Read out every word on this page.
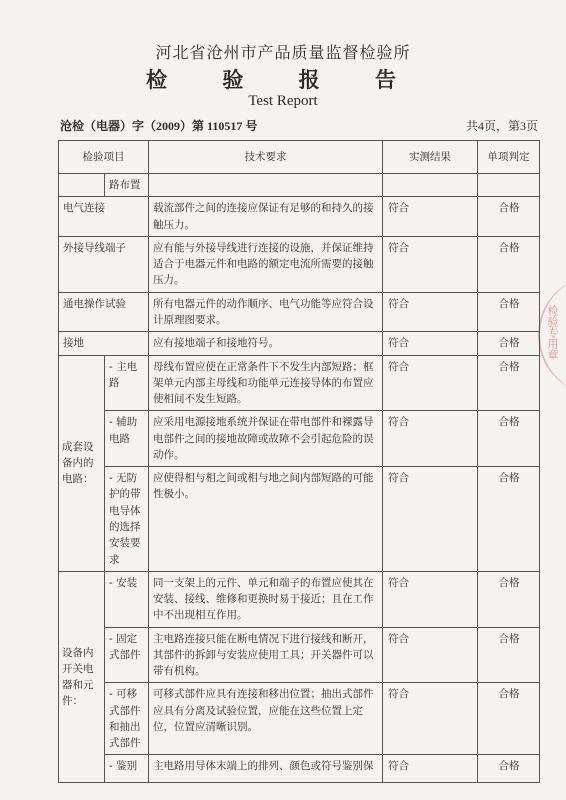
河北省沧州市产品质量监督检验所
检 验 报 告
Test Report
沧检（电器）字（2009）第 110517 号	共4页，第3页
检验专用章
检验项目		技术要求	实测结果	单项判定
	路布置			
电气连接		载流部件之间的连接应保证有足够的和持久的接触压力。	符合	合格
外接导线端子		应有能与外接导线进行连接的设施，并保证维持适合于电器元件和电路的额定电流所需要的接触压力。	符合	合格
通电操作试验		所有电器元件的动作顺序、电气功能等应符合设计原理图要求。	符合	合格
接地		应有接地端子和接地符号。	符合	合格
成套设备内的电路：	- 主电路	母线布置应使在正常条件下不发生内部短路；框架单元内部主母线和功能单元连接导体的布置应使相间不发生短路。	符合	合格
	- 辅助电路	应采用电源接地系统并保证在带电部件和裸露导电部件之间的接地故障或故障不会引起危险的误动作。	符合	合格
	- 无防护的带电导体的选择安装要求	应使得相与相之间或相与地之间内部短路的可能性极小。	符合	合格
设备内开关电器和元件：	- 安装	同一支架上的元件、单元和端子的布置应使其在安装、接线、维修和更换时易于接近；且在工作中不出现相互作用。	符合	合格
	- 固定式部件	主电路连接只能在断电情况下进行接线和断开，其部件的拆卸与安装应使用工具；开关器件可以带有机构。	符合	合格
	- 可移式部件和抽出式部件	可移式部件应具有连接和移出位置；抽出式部件应具有分离及试验位置，应能在这些位置上定位，位置应清晰识别。	符合	合格
	- 鉴别	主电路用导体末端上的排列、颜色或符号鉴别保	符合	合格
